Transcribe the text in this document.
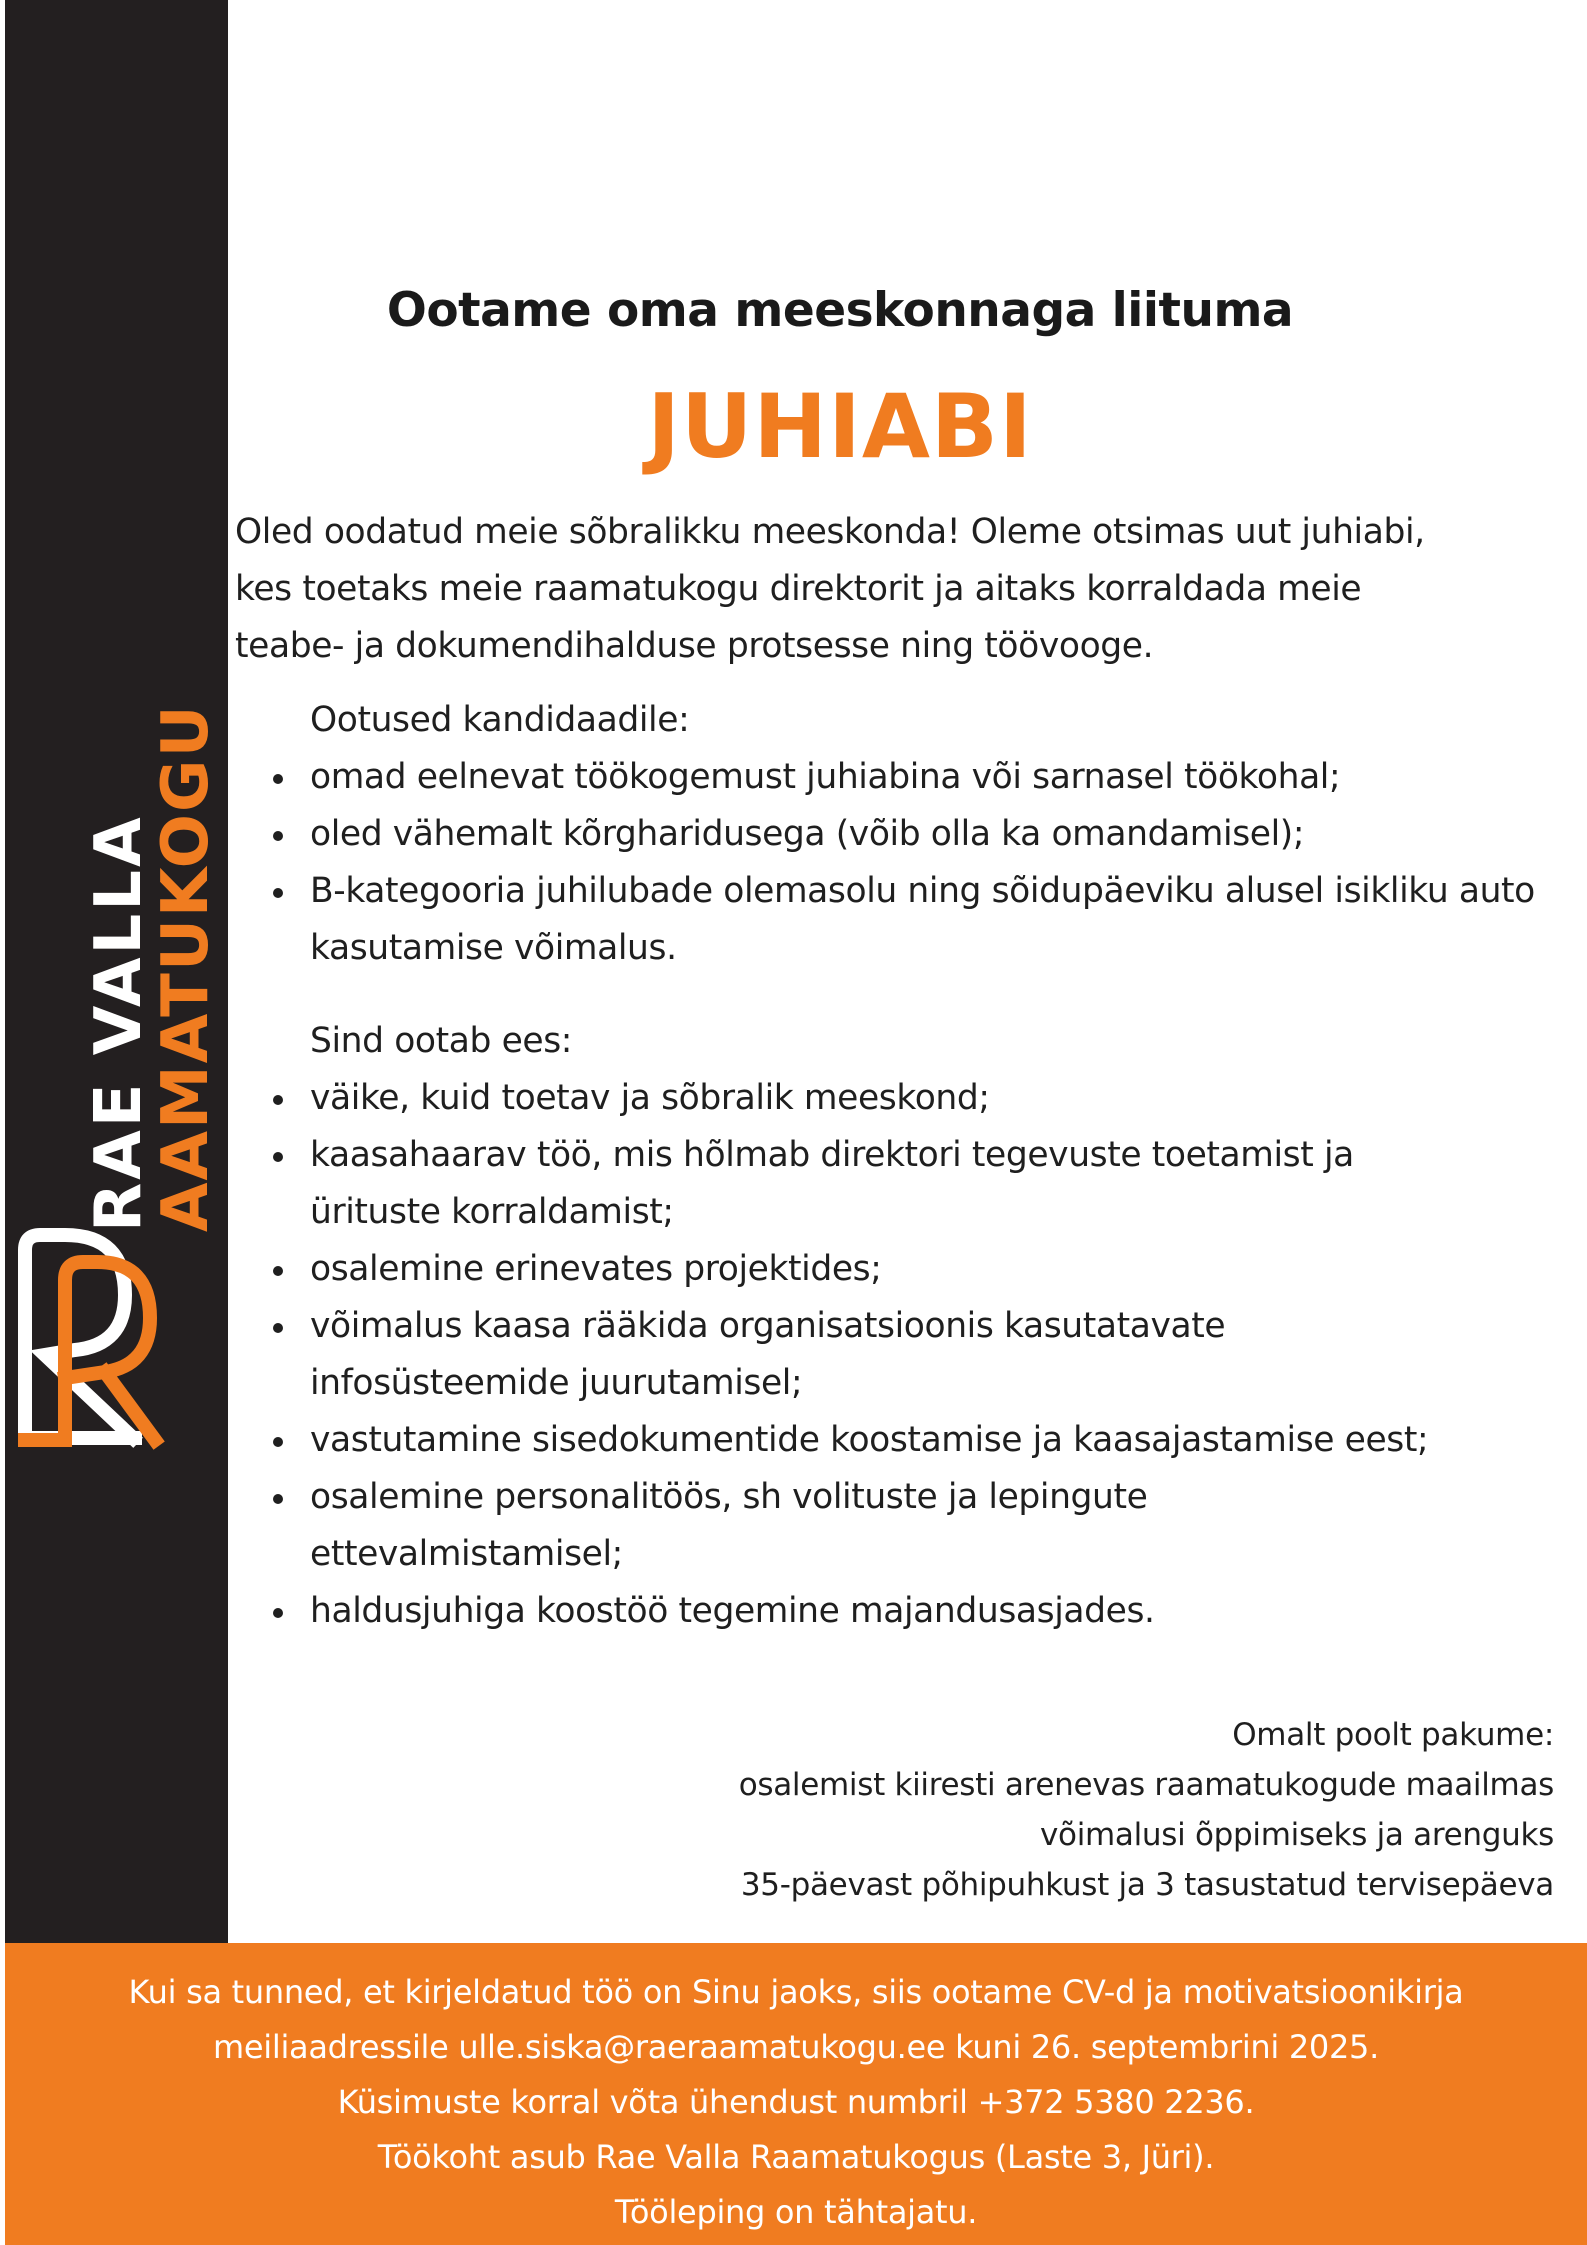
RAE VALLA
AAMATUKOGU
Ootame oma meeskonnaga liituma
JUHIABI
Oled oodatud meie sõbralikku meeskonda! Oleme otsimas uut juhiabi,
kes toetaks meie raamatukogu direktorit ja aitaks korraldada meie
teabe- ja dokumendihalduse protsesse ning töövooge.
Ootused kandidaadile:
omad eelnevat töökogemust juhiabina või sarnasel töökohal;
oled vähemalt kõrgharidusega (võib olla ka omandamisel);
B-kategooria juhilubade olemasolu ning sõidupäeviku alusel isikliku auto kasutamise võimalus.
Sind ootab ees:
väike, kuid toetav ja sõbralik meeskond;
kaasahaarav töö, mis hõlmab direktori tegevuste toetamist ja ürituste korraldamist;
osalemine erinevates projektides;
võimalus kaasa rääkida organisatsioonis kasutatavate infosüsteemide juurutamisel;
vastutamine sisedokumentide koostamise ja kaasajastamise eest;
osalemine personalitöös, sh volituste ja lepingute ettevalmistamisel;
haldusjuhiga koostöö tegemine majandusasjades.
Omalt poolt pakume:
osalemist kiiresti arenevas raamatukogude maailmas
võimalusi õppimiseks ja arenguks
35-päevast põhipuhkust ja 3 tasustatud tervisepäeva
Kui sa tunned, et kirjeldatud töö on Sinu jaoks, siis ootame CV-d ja motivatsioonikirja
meiliaadressile ulle.siska@raeraamatukogu.ee kuni 26. septembrini 2025.
Küsimuste korral võta ühendust numbril +372 5380 2236.
Töökoht asub Rae Valla Raamatukogus (Laste 3, Jüri).
Tööleping on tähtajatu.
